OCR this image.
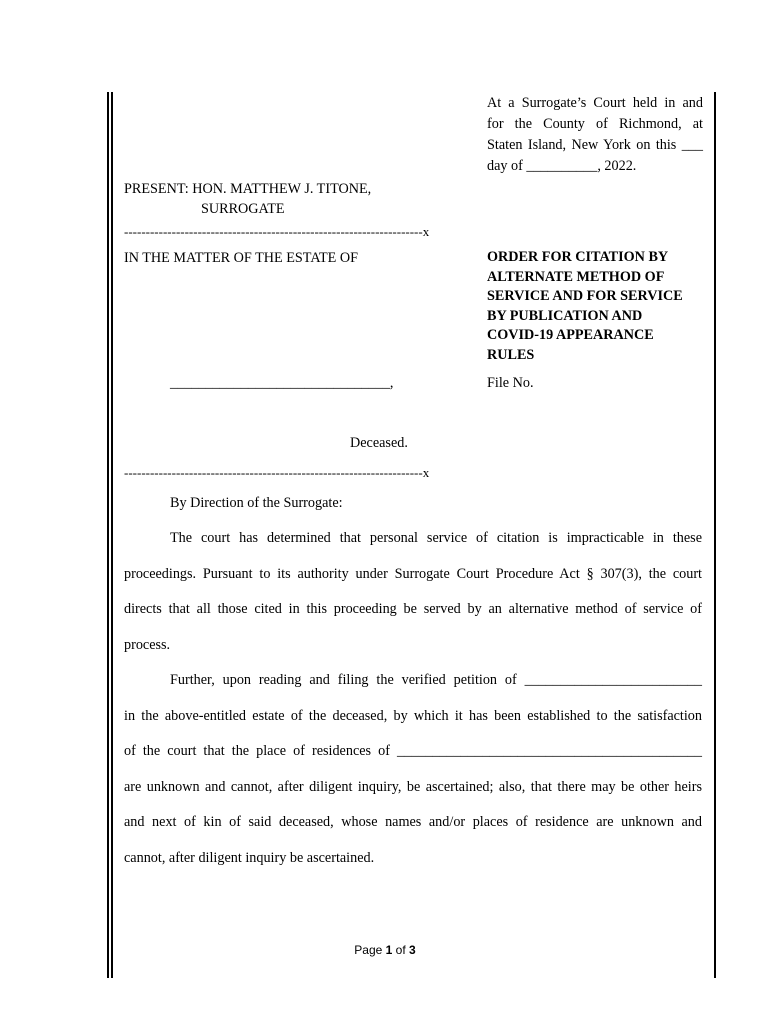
At a Surrogate’s Court held in and
for the County of Richmond, at
Staten Island, New York on this ___
day of __________, 2022.
PRESENT: HON. MATTHEW J. TITONE,
SURROGATE
---------------------------------------------------------------------x
IN THE MATTER OF THE ESTATE OF	ORDER FOR CITATION BY
ALTERNATE METHOD OF
SERVICE AND FOR SERVICE
BY PUBLICATION AND
COVID-19 APPEARANCE
RULES
_______________________________,	File No.
Deceased.
---------------------------------------------------------------------x
By Direction of the Surrogate:
The court has determined that personal service of citation is impracticable in these
proceedings. Pursuant to its authority under Surrogate Court Procedure Act § 307(3), the court
directs that all those cited in this proceeding be served by an alternative method of service of
process.
Further, upon reading and filing the verified petition of _________________________
in the above-entitled estate of the deceased, by which it has been established to the satisfaction
of the court that the place of residences of ___________________________________________
are unknown and cannot, after diligent inquiry, be ascertained; also, that there may be other heirs
and next of kin of said deceased, whose names and/or places of residence are unknown and
cannot, after diligent inquiry be ascertained.
Page 1 of 3
